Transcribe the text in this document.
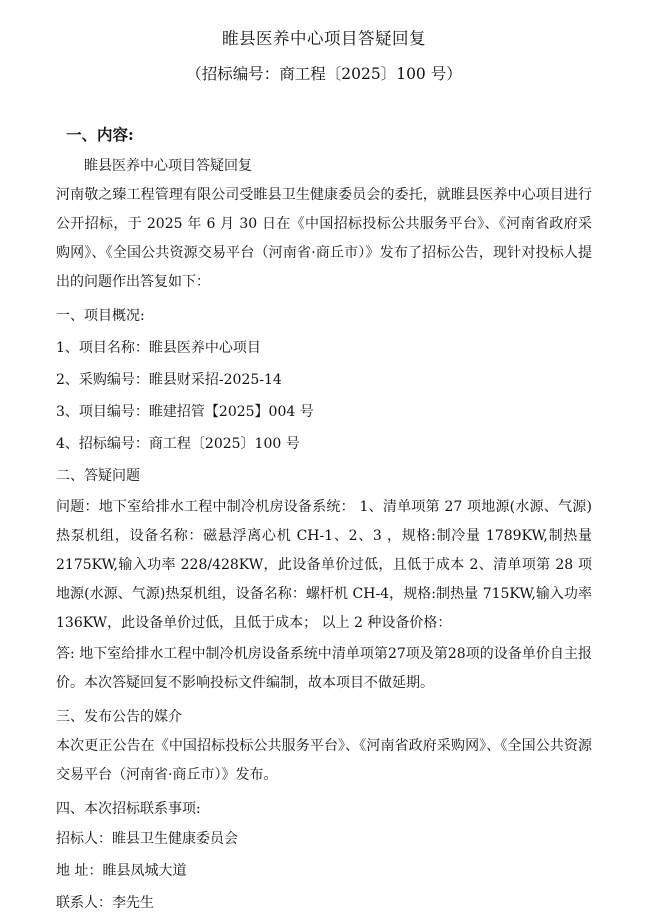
睢县医养中心项目答疑回复
（招标编号：商工程〔2025〕100 号）
一、内容:

睢县医养中心项目答疑回复

河南敬之臻工程管理有限公司受睢县卫生健康委员会的委托，就睢县医养中心项目进行公开招标，于 2025 年 6 月 30 日在《中国招标投标公共服务平台》、《河南省政府采购网》、《全国公共资源交易平台（河南省·商丘市）》发布了招标公告，现针对投标人提出的问题作出答复如下：

一、项目概况:
1、项目名称：睢县医养中心项目
2、采购编号：睢县财采招-2025-14
3、项目编号：睢建招管【2025】004 号
4、招标编号：商工程〔2025〕100 号
二、答疑问题

问题：地下室给排水工程中制冷机房设备系统： 1、清单项第 27 项地源(水源、气源)热泵机组，设备名称：磁悬浮离心机 CH-1、2、3 ，规格:制冷量 1789KW,制热量 2175KW,输入功率 228/428KW，此设备单价过低，且低于成本 2、清单项第 28 项地源(水源、气源)热泵机组，设备名称：螺杆机 CH-4，规格:制热量 715KW,输入功率 136KW，此设备单价过低，且低于成本； 以上 2 种设备价格：

答: 地下室给排水工程中制冷机房设备系统中清单项第27项及第28项的设备单价自主报价。本次答疑回复不影响投标文件编制，故本项目不做延期。

三、发布公告的媒介

本次更正公告在《中国招标投标公共服务平台》、《河南省政府采购网》、《全国公共资源交易平台（河南省·商丘市）》发布。

四、本次招标联系事项:
招标人：睢县卫生健康委员会
地 址：睢县凤城大道
联系人：李先生
